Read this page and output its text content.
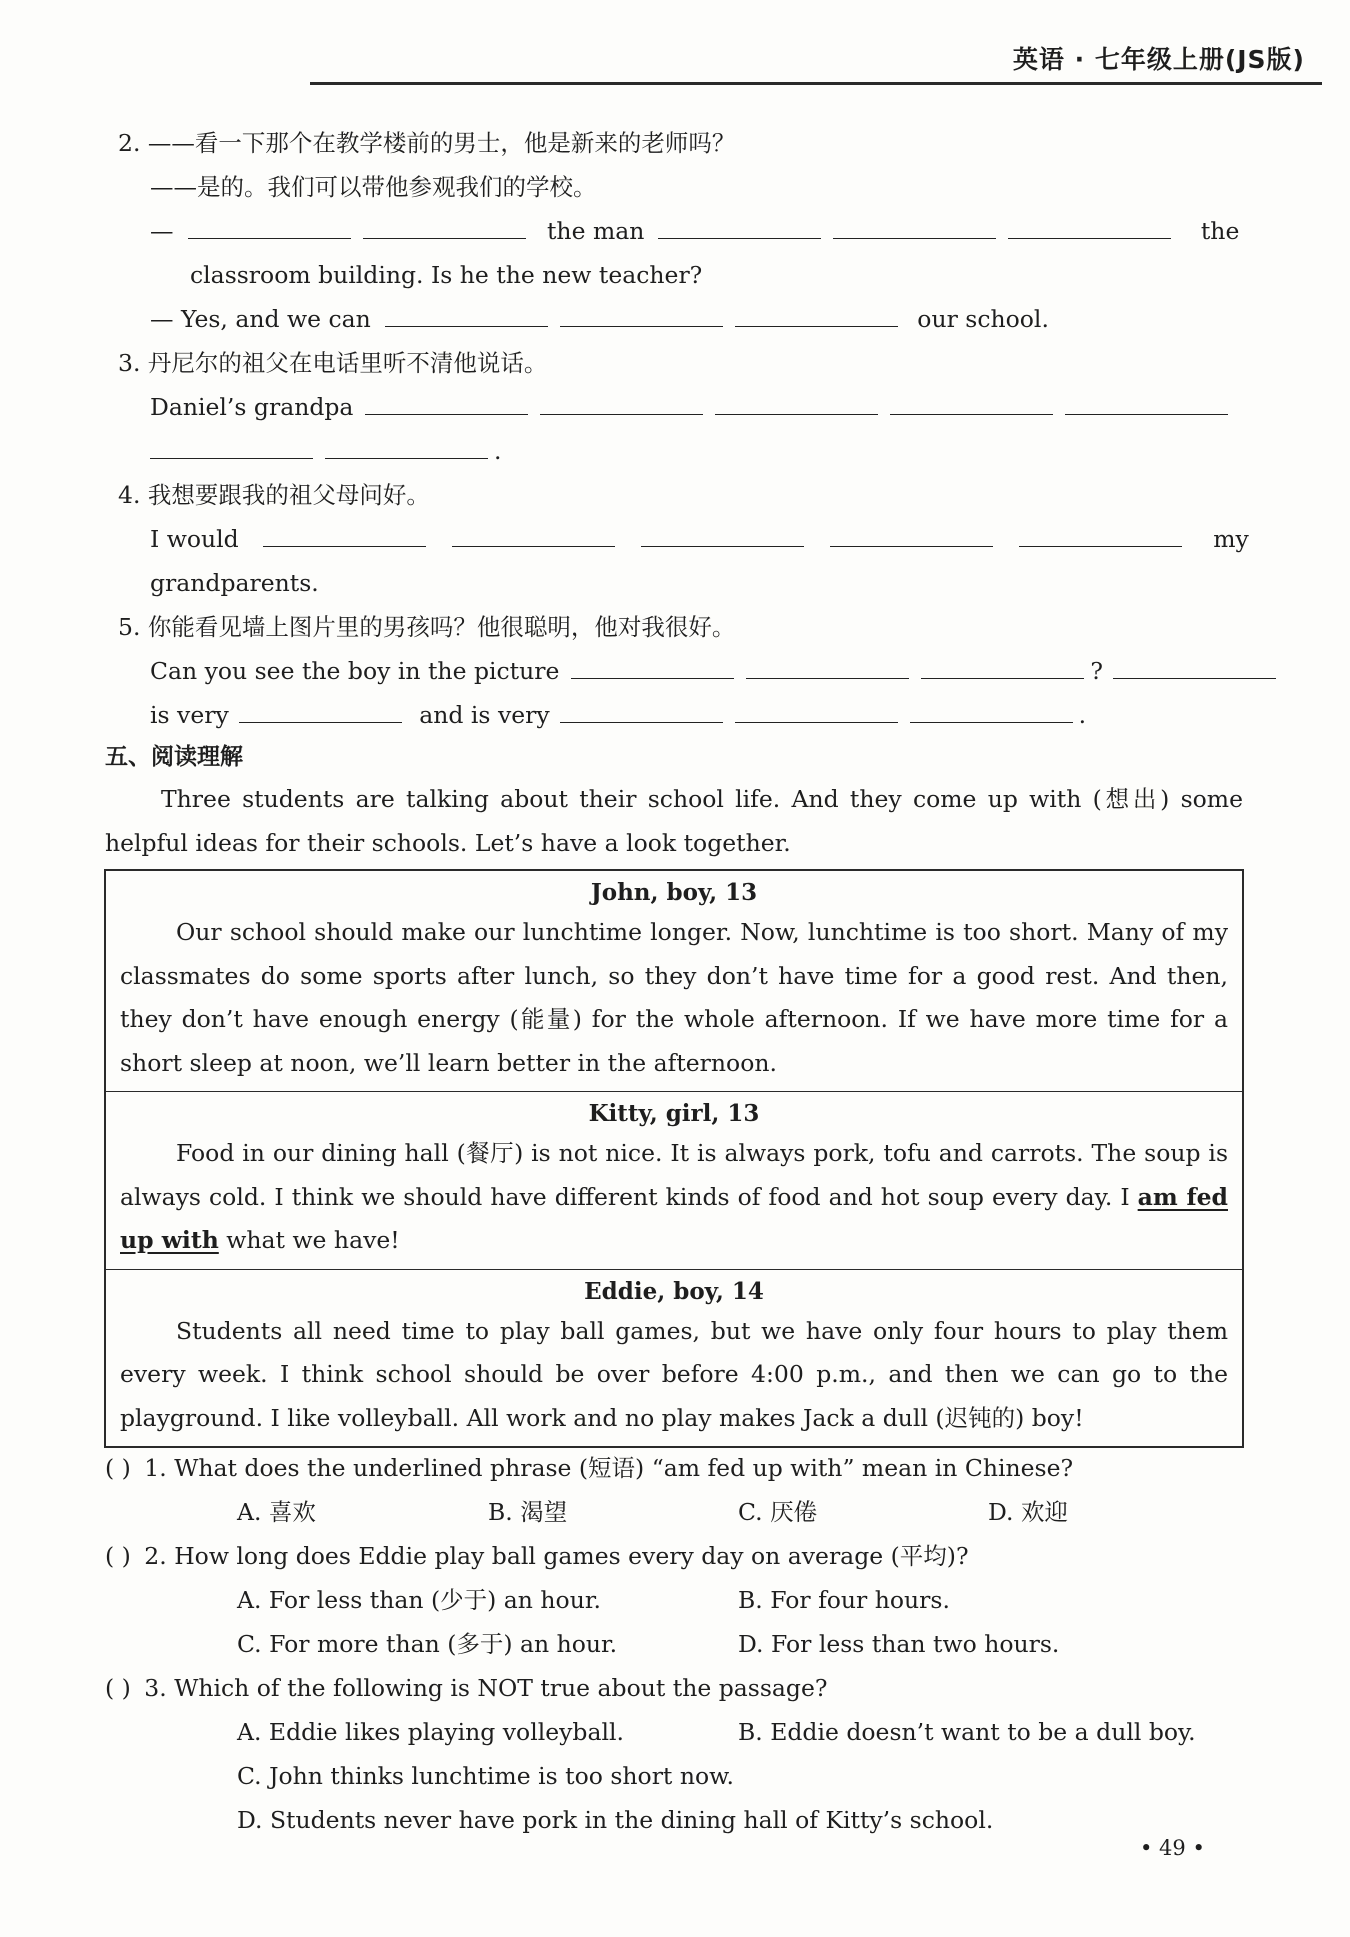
英语 · 七年级上册(JS版)
2. ——看一下那个在教学楼前的男士，他是新来的老师吗？
——是的。我们可以带他参观我们的学校。
—	the man	the
classroom building. Is he the new teacher?
— Yes, and we can	our school.
3. 丹尼尔的祖父在电话里听不清他说话。
Daniel’s grandpa
.
4. 我想要跟我的祖父母问好。
I would	my
grandparents.
5. 你能看见墙上图片里的男孩吗？他很聪明，他对我很好。
Can you see the boy in the picture	?
is very	and is very	.
五、阅读理解
Three students are talking about their school life. And they come up with (想出) some helpful ideas for their schools. Let’s have a look together.
John, boy, 13
Our school should make our lunchtime longer. Now, lunchtime is too short. Many of my classmates do some sports after lunch, so they don’t have time for a good rest. And then, they don’t have enough energy (能量) for the whole afternoon. If we have more time for a short sleep at noon, we’ll learn better in the afternoon.
Kitty, girl, 13
Food in our dining hall (餐厅) is not nice. It is always pork, tofu and carrots. The soup is always cold. I think we should have different kinds of food and hot soup every day. I am fed up with what we have!
Eddie, boy, 14
Students all need time to play ball games, but we have only four hours to play them every week. I think school should be over before 4:00 p.m., and then we can go to the playground. I like volleyball. All work and no play makes Jack a dull (迟钝的) boy!
( ) 1. What does the underlined phrase (短语) “am fed up with” mean in Chinese?
A. 喜欢	B. 渴望	C. 厌倦	D. 欢迎
( ) 2. How long does Eddie play ball games every day on average (平均)?
A. For less than (少于) an hour.	B. For four hours.
C. For more than (多于) an hour.	D. For less than two hours.
( ) 3. Which of the following is NOT true about the passage?
A. Eddie likes playing volleyball.	B. Eddie doesn’t want to be a dull boy.
C. John thinks lunchtime is too short now.
D. Students never have pork in the dining hall of Kitty’s school.
• 49 •
